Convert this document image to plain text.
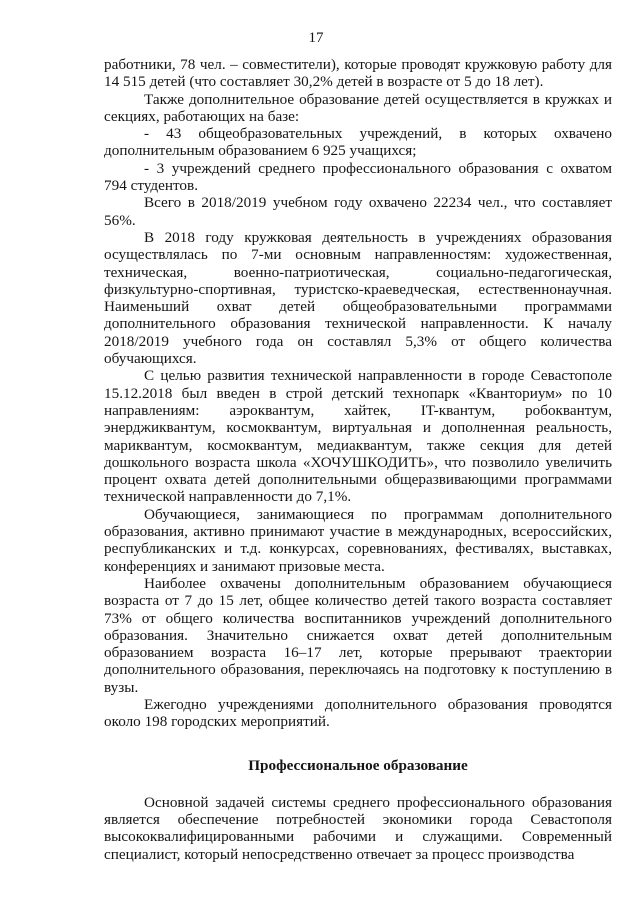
17

работники, 78 чел. – совместители), которые проводят кружковую работу для 14 515 детей (что составляет 30,2% детей в возрасте от 5 до 18 лет).

Также дополнительное образование детей осуществляется в кружках и секциях, работающих на базе:

- 43 общеобразовательных учреждений, в которых охвачено дополнительным образованием 6 925 учащихся;

- 3 учреждений среднего профессионального образования с охватом 794 студентов.

Всего в 2018/2019 учебном году охвачено 22234 чел., что составляет 56%.

В 2018 году кружковая деятельность в учреждениях образования осуществлялась по 7-ми основным направленностям: художественная, техническая, военно-патриотическая, социально-педагогическая, физкультурно-спортивная, туристско-краеведческая, естественнонаучная. Наименьший охват детей общеобразовательными программами дополнительного образования технической направленности. К началу 2018/2019 учебного года он составлял 5,3% от общего количества обучающихся.

С целью развития технической направленности в городе Севастополе 15.12.2018 был введен в строй детский технопарк «Кванториум» по 10 направлениям: аэроквантум, хайтек, IT-квантум, робоквантум, энерджиквантум, космоквантум, виртуальная и дополненная реальность, мариквантум, космоквантум, медиаквантум, также секция для детей дошкольного возраста школа «ХОЧУШКОДИТЬ», что позволило увеличить процент охвата детей дополнительными общеразвивающими программами технической направленности до 7,1%.

Обучающиеся, занимающиеся по программам дополнительного образования, активно принимают участие в международных, всероссийских, республиканских и т.д. конкурсах, соревнованиях, фестивалях, выставках, конференциях и занимают призовые места.

Наиболее охвачены дополнительным образованием обучающиеся возраста от 7 до 15 лет, общее количество детей такого возраста составляет 73% от общего количества воспитанников учреждений дополнительного образования. Значительно снижается охват детей дополнительным образованием возраста 16–17 лет, которые прерывают траектории дополнительного образования, переключаясь на подготовку к поступлению в вузы.

Ежегодно учреждениями дополнительного образования проводятся около 198 городских мероприятий.

Профессиональное образование

Основной задачей системы среднего профессионального образования является обеспечение потребностей экономики города Севастополя высококвалифицированными рабочими и служащими. Современный специалист, который непосредственно отвечает за процесс производства
